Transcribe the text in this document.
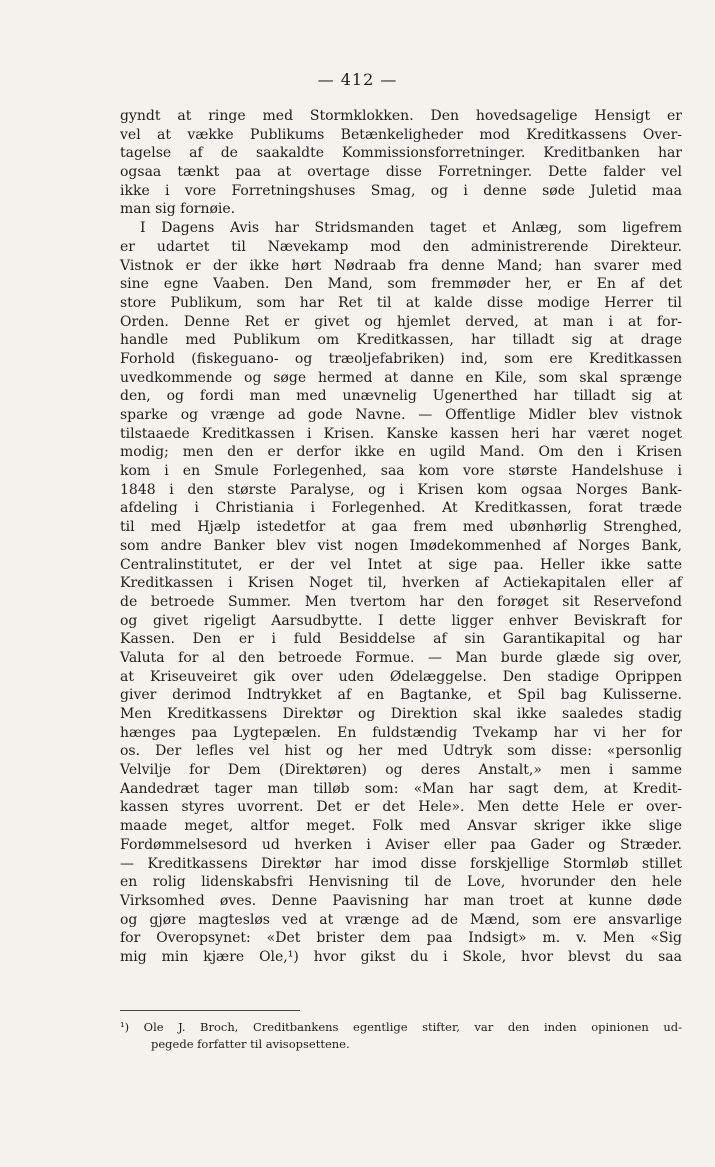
— 412 —
gyndt at ringe med Stormklokken. Den hovedsagelige Hensigt er
vel at vække Publikums Betænkeligheder mod Kreditkassens Over-
tagelse af de saakaldte Kommissionsforretninger. Kreditbanken har
ogsaa tænkt paa at overtage disse Forretninger. Dette falder vel
ikke i vore Forretningshuses Smag, og i denne søde Juletid maa
man sig fornøie.
I Dagens Avis har Stridsmanden taget et Anlæg, som ligefrem
er udartet til Nævekamp mod den administrerende Direkteur.
Vistnok er der ikke hørt Nødraab fra denne Mand; han svarer med
sine egne Vaaben. Den Mand, som fremmøder her, er En af det
store Publikum, som har Ret til at kalde disse modige Herrer til
Orden. Denne Ret er givet og hjemlet derved, at man i at for-
handle med Publikum om Kreditkassen, har tilladt sig at drage
Forhold (fiskeguano- og træoljefabriken) ind, som ere Kreditkassen
uvedkommende og søge hermed at danne en Kile, som skal sprænge
den, og fordi man med unævnelig Ugenerthed har tilladt sig at
sparke og vrænge ad gode Navne. — Offentlige Midler blev vistnok
tilstaaede Kreditkassen i Krisen. Kanske kassen heri har været noget
modig; men den er derfor ikke en ugild Mand. Om den i Krisen
kom i en Smule Forlegenhed, saa kom vore største Handelshuse i
1848 i den største Paralyse, og i Krisen kom ogsaa Norges Bank-
afdeling i Christiania i Forlegenhed. At Kreditkassen, forat træde
til med Hjælp istedetfor at gaa frem med ubønhørlig Strenghed,
som andre Banker blev vist nogen Imødekommenhed af Norges Bank,
Centralinstitutet, er der vel Intet at sige paa. Heller ikke satte
Kreditkassen i Krisen Noget til, hverken af Actiekapitalen eller af
de betroede Summer. Men tvertom har den forøget sit Reservefond
og givet rigeligt Aarsudbytte. I dette ligger enhver Beviskraft for
Kassen. Den er i fuld Besiddelse af sin Garantikapital og har
Valuta for al den betroede Formue. — Man burde glæde sig over,
at Kriseuveiret gik over uden Ødelæggelse. Den stadige Oprippen
giver derimod Indtrykket af en Bagtanke, et Spil bag Kulisserne.
Men Kreditkassens Direktør og Direktion skal ikke saaledes stadig
hænges paa Lygtepælen. En fuldstændig Tvekamp har vi her for
os. Der lefles vel hist og her med Udtryk som disse: «personlig
Velvilje for Dem (Direktøren) og deres Anstalt,» men i samme
Aandedræt tager man tilløb som: «Man har sagt dem, at Kredit-
kassen styres uvorrent. Det er det Hele». Men dette Hele er over-
maade meget, altfor meget. Folk med Ansvar skriger ikke slige
Fordømmelsesord ud hverken i Aviser eller paa Gader og Stræder.
— Kreditkassens Direktør har imod disse forskjellige Stormløb stillet
en rolig lidenskabsfri Henvisning til de Love, hvorunder den hele
Virksomhed øves. Denne Paavisning har man troet at kunne døde
og gjøre magtesløs ved at vrænge ad de Mænd, som ere ansvarlige
for Overopsynet: «Det brister dem paa Indsigt» m. v. Men «Sig
mig min kjære Ole,¹) hvor gikst du i Skole, hvor blevst du saa
¹) Ole J. Broch, Creditbankens egentlige stifter, var den inden opinionen ud-
pegede forfatter til avisopsettene.
